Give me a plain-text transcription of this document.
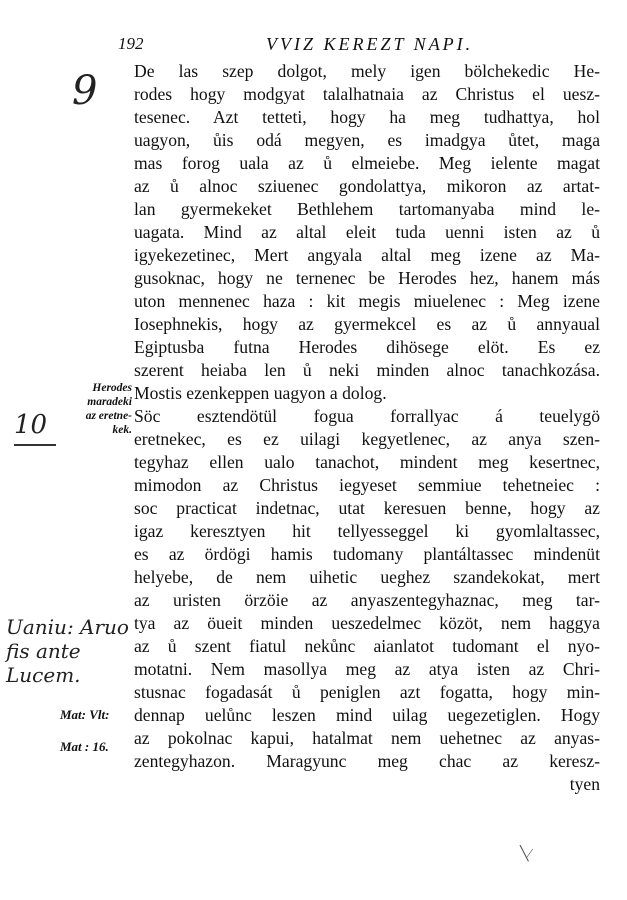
192	VVIZ KEREZT NAPI.
De las szep dolgot, mely igen bölchekedic He-
rodes hogy modgyat talalhatnaia az Christus el uesz-
tesenec. Azt tetteti, hogy ha meg tudhattya, hol
uagyon, ůis odá megyen, es imadgya ůtet, maga
mas forog uala az ů elmeiebe. Meg ielente magat
az ů alnoc sziuenec gondolattya, mikoron az artat-
lan gyermekeket Bethlehem tartomanyaba mind le-
uagata. Mind az altal eleit tuda uenni isten az ů
igyekezetinec, Mert angyala altal meg izene az Ma-
gusoknac, hogy ne ternenec be Herodes hez, hanem más
uton mennenec haza : kit megis miuelenec : Meg izene
Iosephnekis, hogy az gyermekcel es az ů annyaual
Egiptusba futna Herodes dihösege elöt. Es ez
szerent heiaba len ů neki minden alnoc tanachkozása.
Mostis ezenkeppen uagyon a dolog.
Söc esztendötül fogua forrallyac á teuelygö
eretnekec, es ez uilagi kegyetlenec, az anya szen-
tegyhaz ellen ualo tanachot, mindent meg kesertnec,
mimodon az Christus iegyeset semmiue tehetneiec :
soc practicat indetnac, utat keresuen benne, hogy az
igaz keresztyen hit tellyesseggel ki gyomlaltassec,
es az ördögi hamis tudomany plantáltassec mindenüt
helyebe, de nem uihetic ueghez szandekokat, mert
az uristen örzöie az anyaszentegyhaznac, meg tar-
tya az öueit minden ueszedelmec közöt, nem haggya
az ů szent fiatul nekůnc aianlatot tudomant el nyo-
motatni. Nem masollya meg az atya isten az Chri-
stusnac fogadasát ů peniglen azt fogatta, hogy min-
dennap uelůnc leszen mind uilag uegezetiglen. Hogy
az pokolnac kapui, hatalmat nem uehetnec az anyas-
zentegyhazon. Maragyunc meg chac az keresz-
tyen
Herodes
maradeki
az eretne-
kek.
Mat: Vlt:
Mat : 16.
9
10
Uaniu: Aruo fis ante Lucem.
╲∕
